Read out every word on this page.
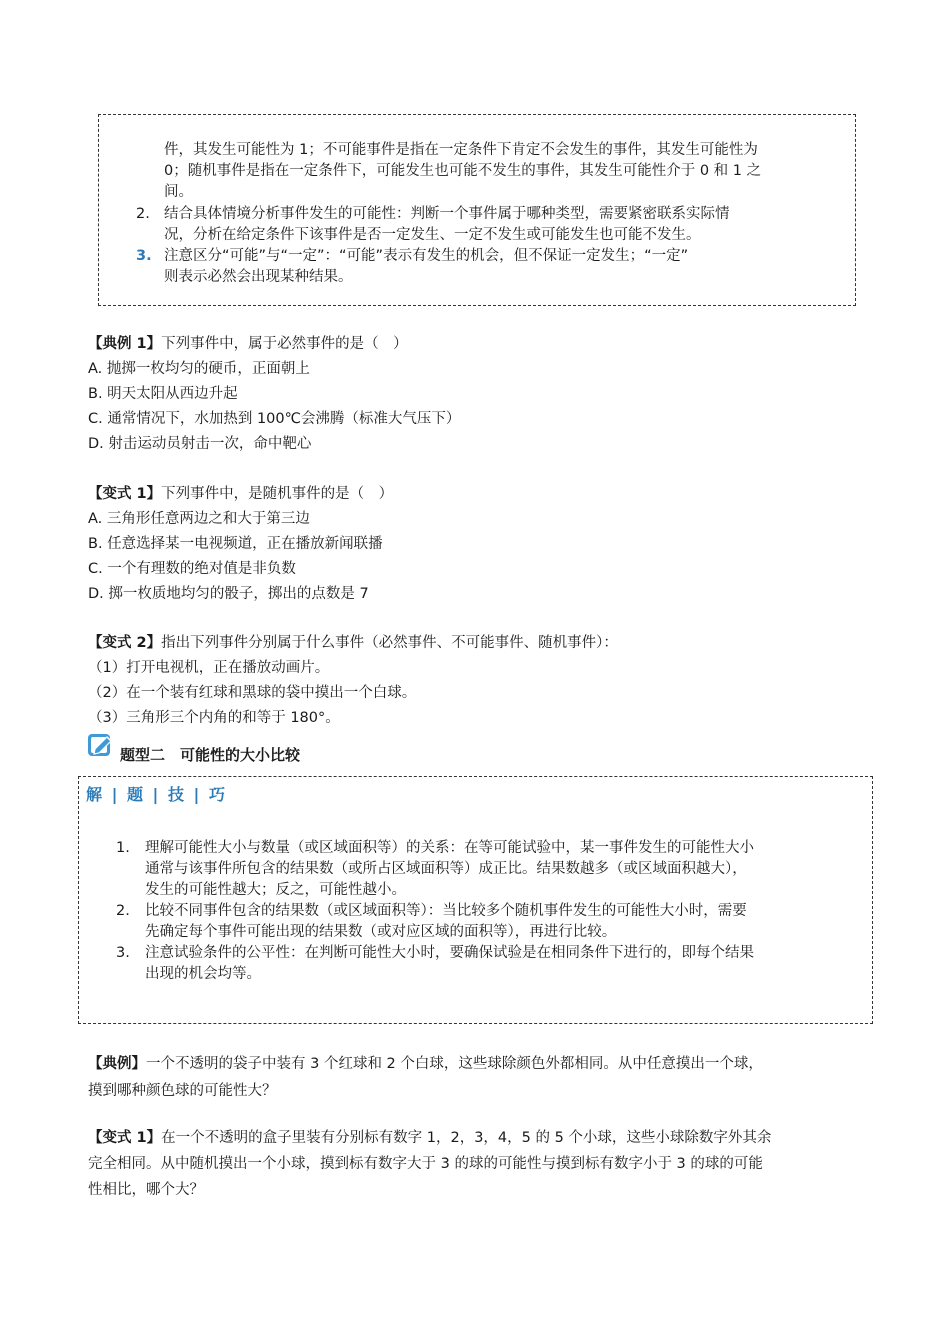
件，其发生可能性为 1；不可能事件是指在一定条件下肯定不会发生的事件，其发生可能性为
0；随机事件是指在一定条件下，可能发生也可能不发生的事件，其发生可能性介于 0 和 1 之
间。
2. 结合具体情境分析事件发生的可能性：判断一个事件属于哪种类型，需要紧密联系实际情
况，分析在给定条件下该事件是否一定发生、一定不发生或可能发生也可能不发生。
3. 注意区分“可能”与“一定”：“可能”表示有发生的机会，但不保证一定发生；“一定”
则表示必然会出现某种结果。
【典例 1】下列事件中，属于必然事件的是（　）
A. 抛掷一枚均匀的硬币，正面朝上
B. 明天太阳从西边升起
C. 通常情况下，水加热到 100℃会沸腾（标准大气压下）
D. 射击运动员射击一次，命中靶心
【变式 1】下列事件中，是随机事件的是（　）
A. 三角形任意两边之和大于第三边
B. 任意选择某一电视频道，正在播放新闻联播
C. 一个有理数的绝对值是非负数
D. 掷一枚质地均匀的骰子，掷出的点数是 7
【变式 2】指出下列事件分别属于什么事件（必然事件、不可能事件、随机事件）：
（1）打开电视机，正在播放动画片。
（2）在一个装有红球和黑球的袋中摸出一个白球。
（3）三角形三个内角的和等于 180°。
题型二　可能性的大小比较
解 | 题 | 技 | 巧
1. 理解可能性大小与数量（或区域面积等）的关系：在等可能试验中，某一事件发生的可能性大小
通常与该事件所包含的结果数（或所占区域面积等）成正比。结果数越多（或区域面积越大），
发生的可能性越大；反之，可能性越小。
2. 比较不同事件包含的结果数（或区域面积等）：当比较多个随机事件发生的可能性大小时，需要
先确定每个事件可能出现的结果数（或对应区域的面积等），再进行比较。
3. 注意试验条件的公平性：在判断可能性大小时，要确保试验是在相同条件下进行的，即每个结果
出现的机会均等。
【典例】一个不透明的袋子中装有 3 个红球和 2 个白球，这些球除颜色外都相同。从中任意摸出一个球，
摸到哪种颜色球的可能性大？
【变式 1】在一个不透明的盒子里装有分别标有数字 1，2，3，4，5 的 5 个小球，这些小球除数字外其余
完全相同。从中随机摸出一个小球，摸到标有数字大于 3 的球的可能性与摸到标有数字小于 3 的球的可能
性相比，哪个大？
